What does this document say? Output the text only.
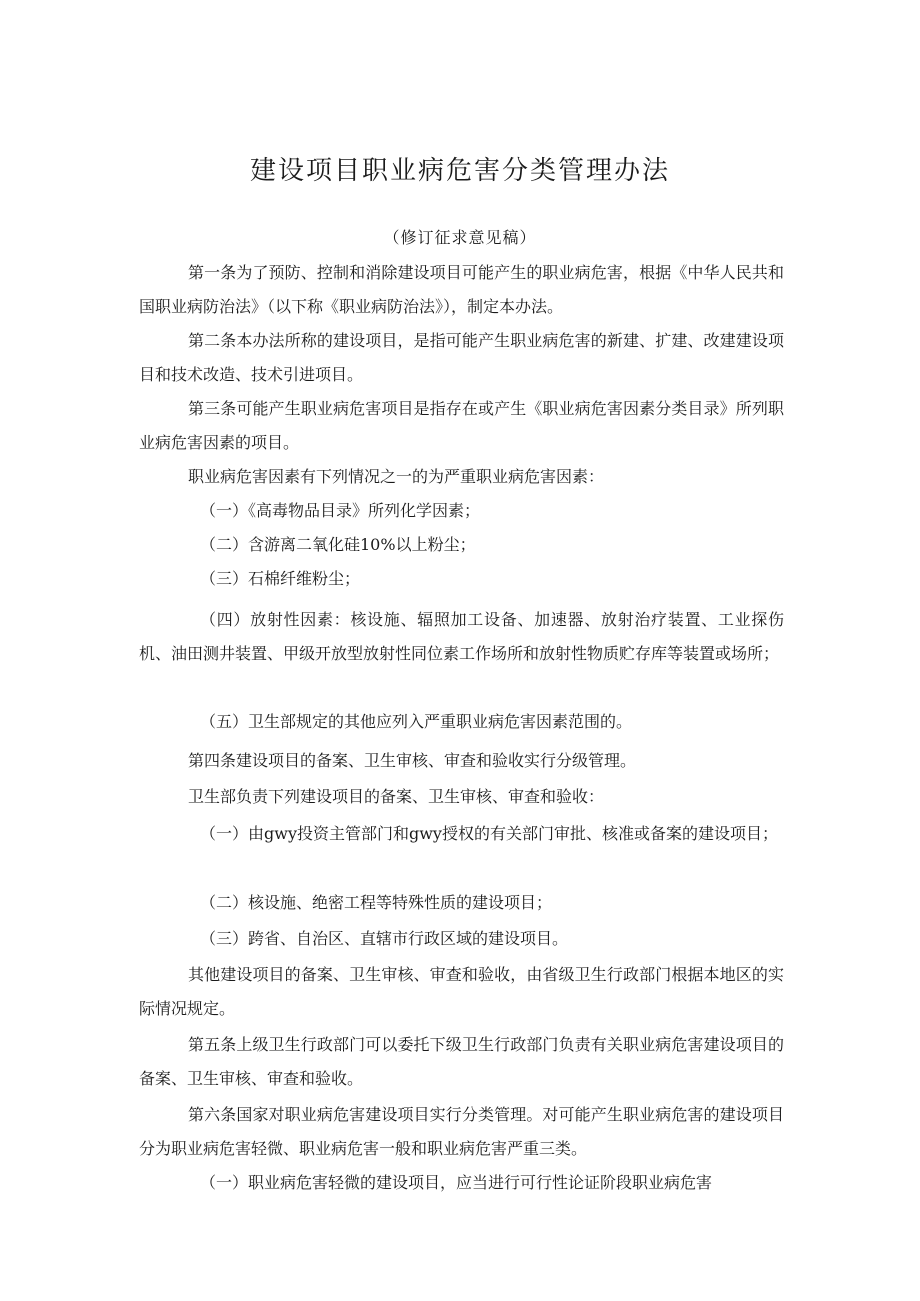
建设项目职业病危害分类管理办法
（修订征求意见稿）

第一条为了预防、控制和消除建设项目可能产生的职业病危害，根据《中华人民共和国职业病防治法》（以下称《职业病防治法》），制定本办法。

第二条本办法所称的建设项目，是指可能产生职业病危害的新建、扩建、改建建设项目和技术改造、技术引进项目。

第三条可能产生职业病危害项目是指存在或产生《职业病危害因素分类目录》所列职业病危害因素的项目。

职业病危害因素有下列情况之一的为严重职业病危害因素：

（一）《高毒物品目录》所列化学因素；

（二）含游离二氧化硅10%以上粉尘；

（三）石棉纤维粉尘；

（四）放射性因素：核设施、辐照加工设备、加速器、放射治疗装置、工业探伤机、油田测井装置、甲级开放型放射性同位素工作场所和放射性物质贮存库等装置或场所；

（五）卫生部规定的其他应列入严重职业病危害因素范围的。

第四条建设项目的备案、卫生审核、审查和验收实行分级管理。

卫生部负责下列建设项目的备案、卫生审核、审查和验收：

（一）由gwy投资主管部门和gwy授权的有关部门审批、核准或备案的建设项目；

（二）核设施、绝密工程等特殊性质的建设项目；

（三）跨省、自治区、直辖市行政区域的建设项目。

其他建设项目的备案、卫生审核、审查和验收，由省级卫生行政部门根据本地区的实际情况规定。

第五条上级卫生行政部门可以委托下级卫生行政部门负责有关职业病危害建设项目的备案、卫生审核、审查和验收。

第六条国家对职业病危害建设项目实行分类管理。对可能产生职业病危害的建设项目分为职业病危害轻微、职业病危害一般和职业病危害严重三类。

（一）职业病危害轻微的建设项目，应当进行可行性论证阶段职业病危害
